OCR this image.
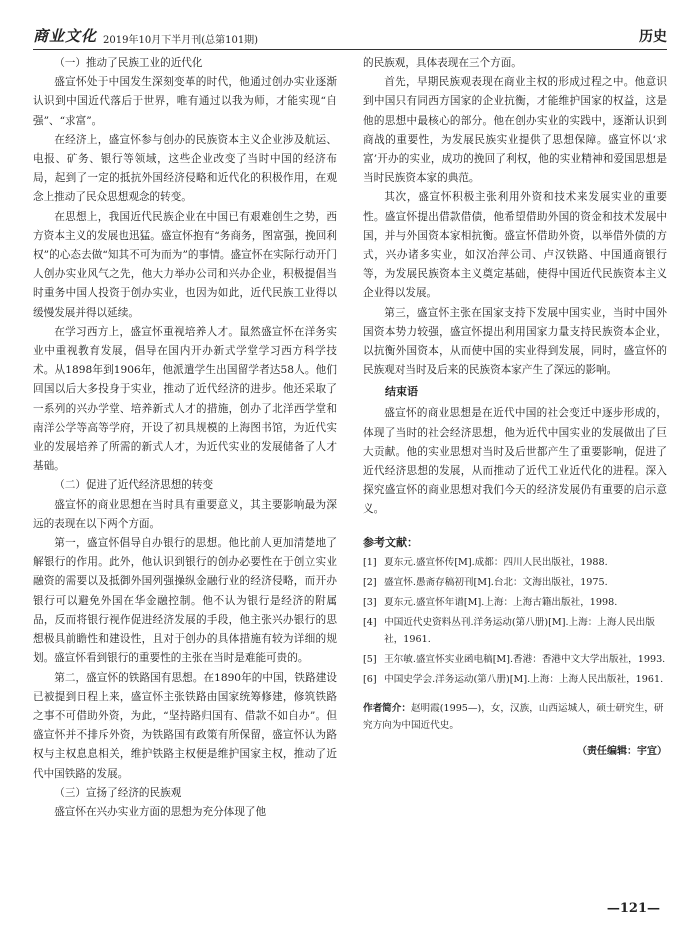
商业文化 2019年10月下半月刊(总第101期)	历史

（一）推动了民族工业的近代化

盛宣怀处于中国发生深刻变革的时代，他通过创办实业逐渐认识到中国近代落后于世界，唯有通过以我为师，才能实现“自强”、“求富”。

在经济上，盛宣怀参与创办的民族资本主义企业涉及航运、电报、矿务、银行等领域，这些企业改变了当时中国的经济布局，起到了一定的抵抗外国经济侵略和近代化的积极作用，在观念上推动了民众思想观念的转变。

在思想上，我国近代民族企业在中国已有艰难创生之势，西方资本主义的发展也迅猛。盛宣怀抱有“务商务，图富强，挽回利权”的心态去做“知其不可为而为”的事情。盛宣怀在实际行动开门人创办实业风气之先，他大力举办公司和兴办企业，积极提倡当时重务中国人投资于创办实业，也因为如此，近代民族工业得以缓慢发展并得以延续。

在学习西方上，盛宣怀重视培养人才。鼠然盛宣怀在洋务实业中重视教育发展，倡导在国内开办新式学堂学习西方科学技术。从1898年到1906年，他派遣学生出国留学者达58人。他们回国以后大多投身于实业，推动了近代经济的进步。他还采取了一系列的兴办学堂、培养新式人才的措施，创办了北洋西学堂和南洋公学等高等学府，开设了初具规模的上海图书馆，为近代实业的发展培养了所需的新式人才，为近代实业的发展储备了人才基础。

（二）促进了近代经济思想的转变

盛宣怀的商业思想在当时具有重要意义，其主要影响最为深远的表现在以下两个方面。

第一，盛宣怀倡导自办银行的思想。他比前人更加清楚地了解银行的作用。此外，他认识到银行的创办必要性在于创立实业融资的需要以及抵御外国列强操纵金融行业的经济侵略，而开办银行可以避免外国在华金融控制。他不认为银行是经济的附属品，反而将银行视作促进经济发展的手段，他主张兴办银行的思想极具前瞻性和建设性，且对于创办的具体措施有较为详细的规划。盛宣怀看到银行的重要性的主张在当时是难能可贵的。

第二，盛宣怀的铁路国有思想。在1890年的中国，铁路建设已被提到日程上来，盛宣怀主张铁路由国家统筹修建，修筑铁路之事不可借助外资，为此，“坚持路归国有、借款不如自办”。但盛宣怀并不排斥外资，为铁路国有政策有所保留，盛宣怀认为路权与主权息息相关，维护铁路主权便是维护国家主权，推动了近代中国铁路的发展。

（三）宣扬了经济的民族观

盛宣怀在兴办实业方面的思想为充分体现了他

的民族观，具体表现在三个方面。

首先，早期民族观表现在商业主权的形成过程之中。他意识到中国只有同西方国家的企业抗衡，才能维护国家的权益，这是他的思想中最核心的部分。他在创办实业的实践中，逐渐认识到商战的重要性，为发展民族实业提供了思想保障。盛宣怀以‘求富’开办的实业，成功的挽回了利权，他的实业精神和爱国思想是当时民族资本家的典范。

其次，盛宣怀积极主张利用外资和技术来发展实业的重要性。盛宣怀提出借款借债，他希望借助外国的资金和技术发展中国，并与外国资本家相抗衡。盛宣怀借助外资，以举借外债的方式，兴办诸多实业，如汉冶萍公司、卢汉铁路、中国通商银行等，为发展民族资本主义奠定基础，使得中国近代民族资本主义企业得以发展。

第三，盛宣怀主张在国家支持下发展中国实业，当时中国外国资本势力较强，盛宣怀提出利用国家力量支持民族资本企业，以抗衡外国资本，从而使中国的实业得到发展，同时，盛宣怀的民族观对当时及后来的民族资本家产生了深远的影响。

结束语

盛宣怀的商业思想是在近代中国的社会变迁中逐步形成的，体现了当时的社会经济思想，他为近代中国实业的发展做出了巨大贡献。他的实业思想对当时及后世都产生了重要影响，促进了近代经济思想的发展，从而推动了近代工业近代化的进程。深入探究盛宣怀的商业思想对我们今天的经济发展仍有重要的启示意义。

参考文献：
[1] 夏东元.盛宣怀传[M].成都：四川人民出版社，1988.
[2] 盛宣怀.愚斋存稿初刊[M].台北：文海出版社，1975.
[3] 夏东元.盛宣怀年谱[M].上海：上海古籍出版社，1998.
[4] 中国近代史资料丛刊.洋务运动(第八册)[M].上海：上海人民出版社，1961.
[5] 王尔敏.盛宣怀实业函电稿[M].香港：香港中文大学出版社，1993.
[6] 中国史学会.洋务运动(第八册)[M].上海：上海人民出版社，1961.
作者简介：赵明霞(1995—)，女，汉族，山西运城人，硕士研究生，研究方向为中国近代史。
（责任编辑：宇宜）
—121—
